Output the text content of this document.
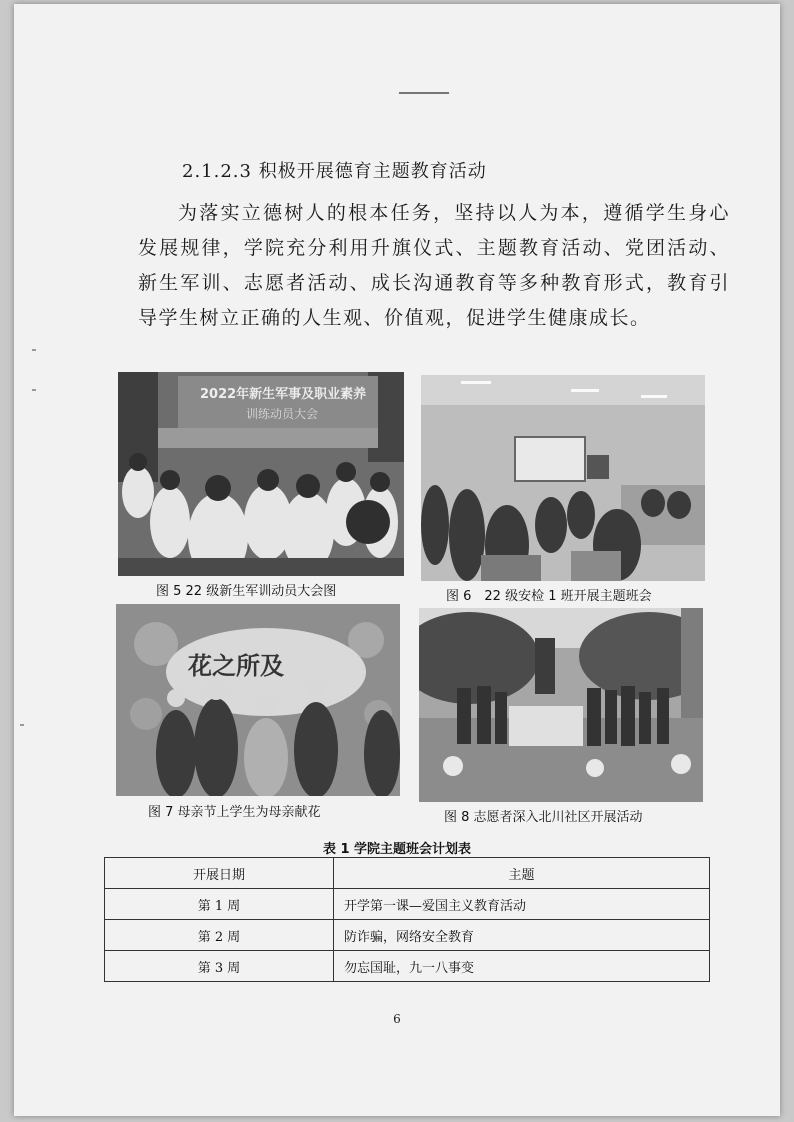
2.1.2.3 积极开展德育主题教育活动
为落实立德树人的根本任务，坚持以人为本，遵循学生身心发展规律，学院充分利用升旗仪式、主题教育活动、党团活动、新生军训、志愿者活动、成长沟通教育等多种教育形式，教育引导学生树立正确的人生观、价值观，促进学生健康成长。
2022年新生军事及职业素养
训练动员大会
图 5 22 级新生军训动员大会图	图 6　22 级安检 1 班开展主题班会
花之所及
图 7 母亲节上学生为母亲献花	图 8 志愿者深入北川社区开展活动
表 1 学院主题班会计划表
开展日期	主题
第 1 周	开学第一课—爱国主义教育活动
第 2 周	防诈骗，网络安全教育
第 3 周	勿忘国耻，九一八事变
6
